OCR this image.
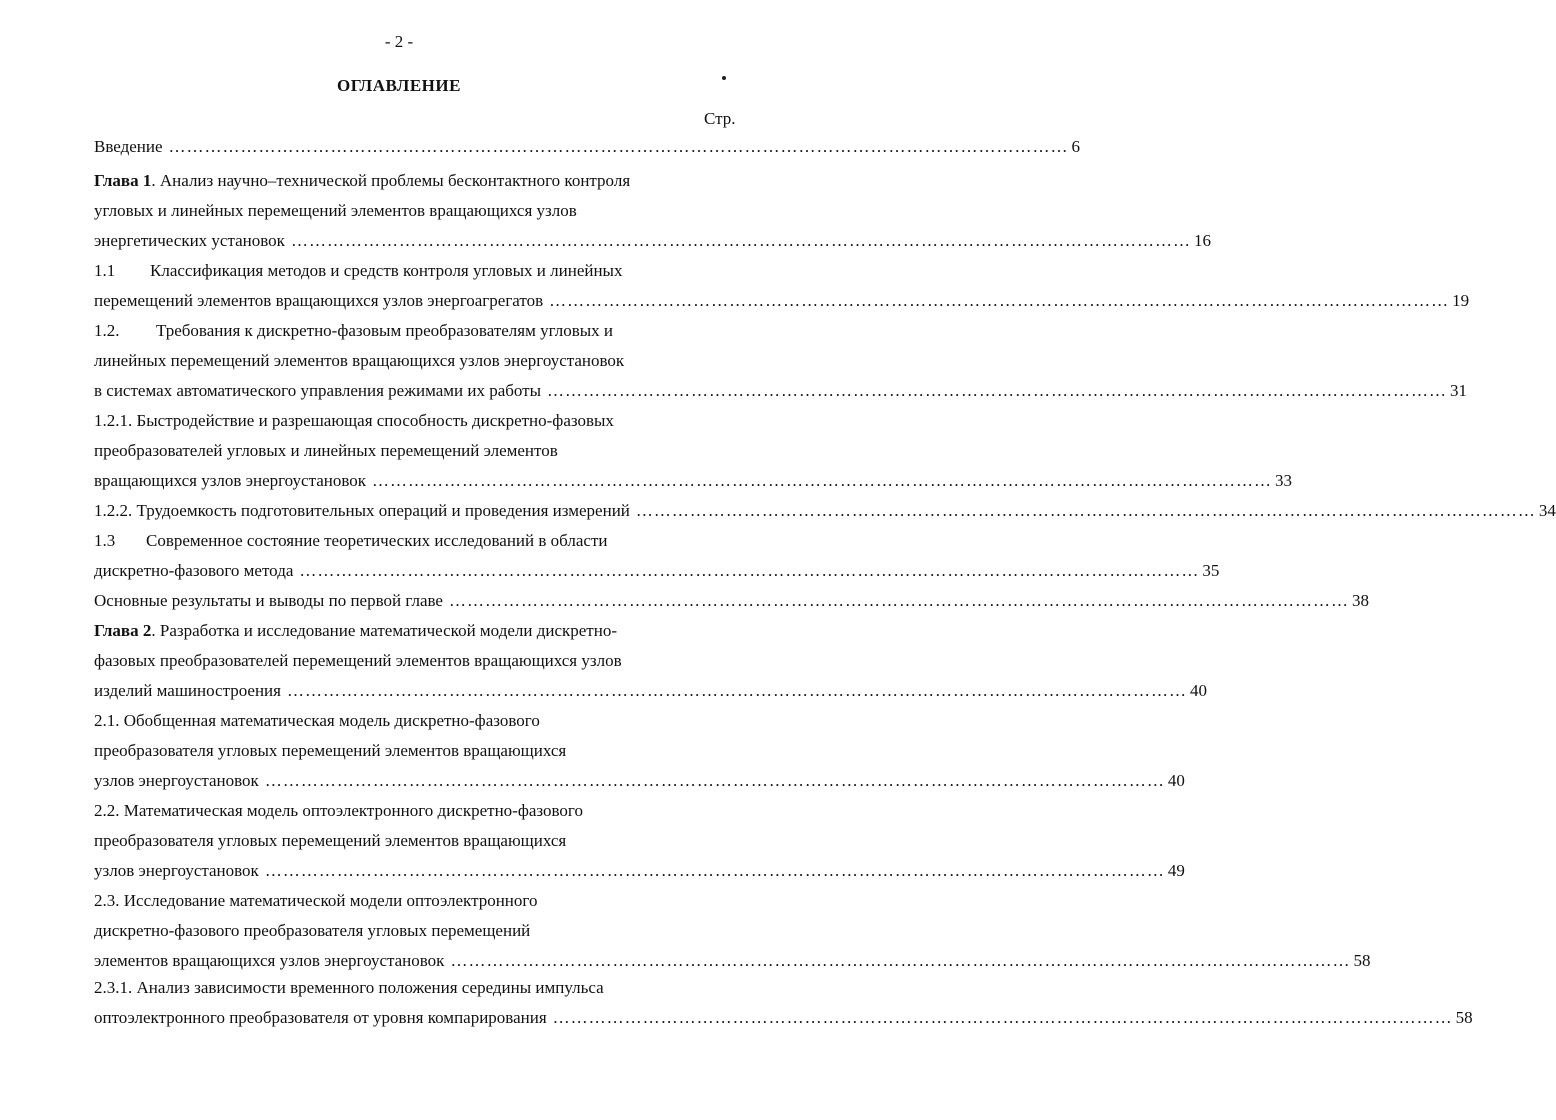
- 2 -
ОГЛАВЛЕНИЕ
Стр.
Введение …………………………………………………………………………………………………………………………………… 6
Глава 1. Анализ научно–технической проблемы бесконтактного контроля
угловых и линейных перемещений элементов вращающихся узлов
энергетических установок …………………………………………………………………………………………………………………………………… 16
1.1 Классификация методов и средств контроля угловых и линейных
перемещений элементов вращающихся узлов энергоагрегатов …………………………………………………………………………………………………………………………………… 19
1.2. Требования к дискретно-фазовым преобразователям угловых и
линейных перемещений элементов вращающихся узлов энергоустановок
в системах автоматического управления режимами их работы …………………………………………………………………………………………………………………………………… 31
1.2.1. Быстродействие и разрешающая способность дискретно-фазовых
преобразователей угловых и линейных перемещений элементов
вращающихся узлов энергоустановок …………………………………………………………………………………………………………………………………… 33
1.2.2. Трудоемкость подготовительных операций и проведения измерений …………………………………………………………………………………………………………………………………… 34
1.3 Современное состояние теоретических исследований в области
дискретно-фазового метода …………………………………………………………………………………………………………………………………… 35
Основные результаты и выводы по первой главе …………………………………………………………………………………………………………………………………… 38
Глава 2. Разработка и исследование математической модели дискретно-
фазовых преобразователей перемещений элементов вращающихся узлов
изделий машиностроения …………………………………………………………………………………………………………………………………… 40
2.1. Обобщенная математическая модель дискретно-фазового
преобразователя угловых перемещений элементов вращающихся
узлов энергоустановок …………………………………………………………………………………………………………………………………… 40
2.2. Математическая модель оптоэлектронного дискретно-фазового
преобразователя угловых перемещений элементов вращающихся
узлов энергоустановок …………………………………………………………………………………………………………………………………… 49
2.3. Исследование математической модели оптоэлектронного
дискретно-фазового преобразователя угловых перемещений
элементов вращающихся узлов энергоустановок …………………………………………………………………………………………………………………………………… 58
2.3.1. Анализ зависимости временного положения середины импульса
оптоэлектронного преобразователя от уровня компарирования …………………………………………………………………………………………………………………………………… 58
